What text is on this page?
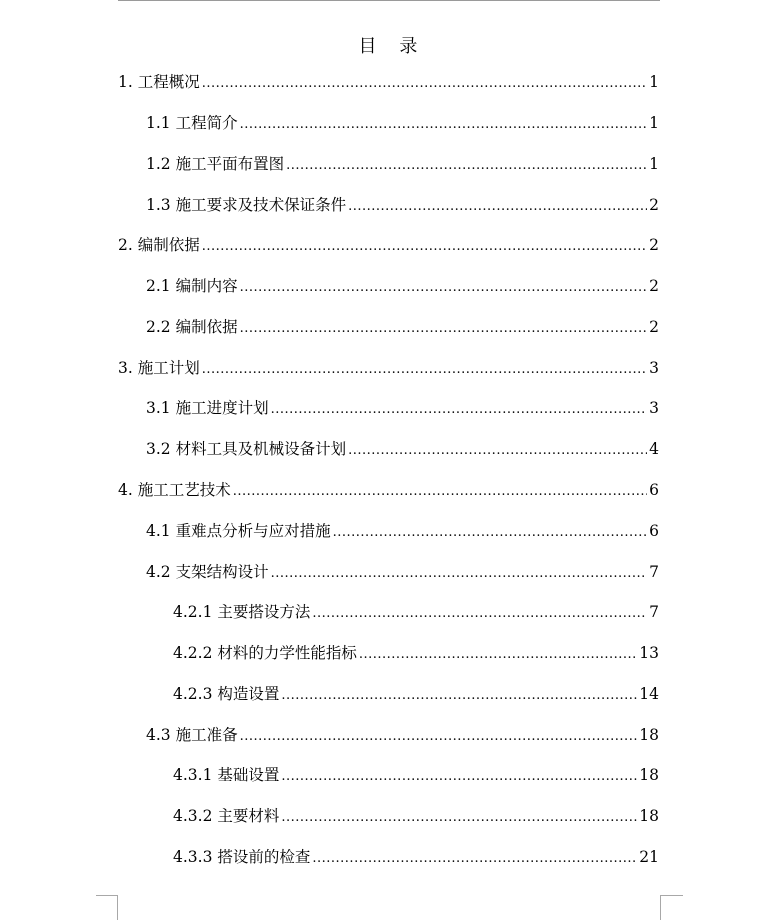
目    录
1. 工程概况 .....	1
1.1 工程简介 .....	1
1.2 施工平面布置图 .....	1
1.3 施工要求及技术保证条件 .....	2
2. 编制依据 .....	2
2.1 编制内容 .....	2
2.2 编制依据 .....	2
3. 施工计划 .....	3
3.1 施工进度计划 .....	3
3.2 材料工具及机械设备计划 .....	4
4. 施工工艺技术 .....	6
4.1 重难点分析与应对措施 .....	6
4.2 支架结构设计 .....	7
4.2.1 主要搭设方法 .....	7
4.2.2 材料的力学性能指标 .....	13
4.2.3 构造设置 .....	14
4.3 施工准备 .....	18
4.3.1 基础设置 .....	18
4.3.2 主要材料 .....	18
4.3.3 搭设前的检查 .....	21
